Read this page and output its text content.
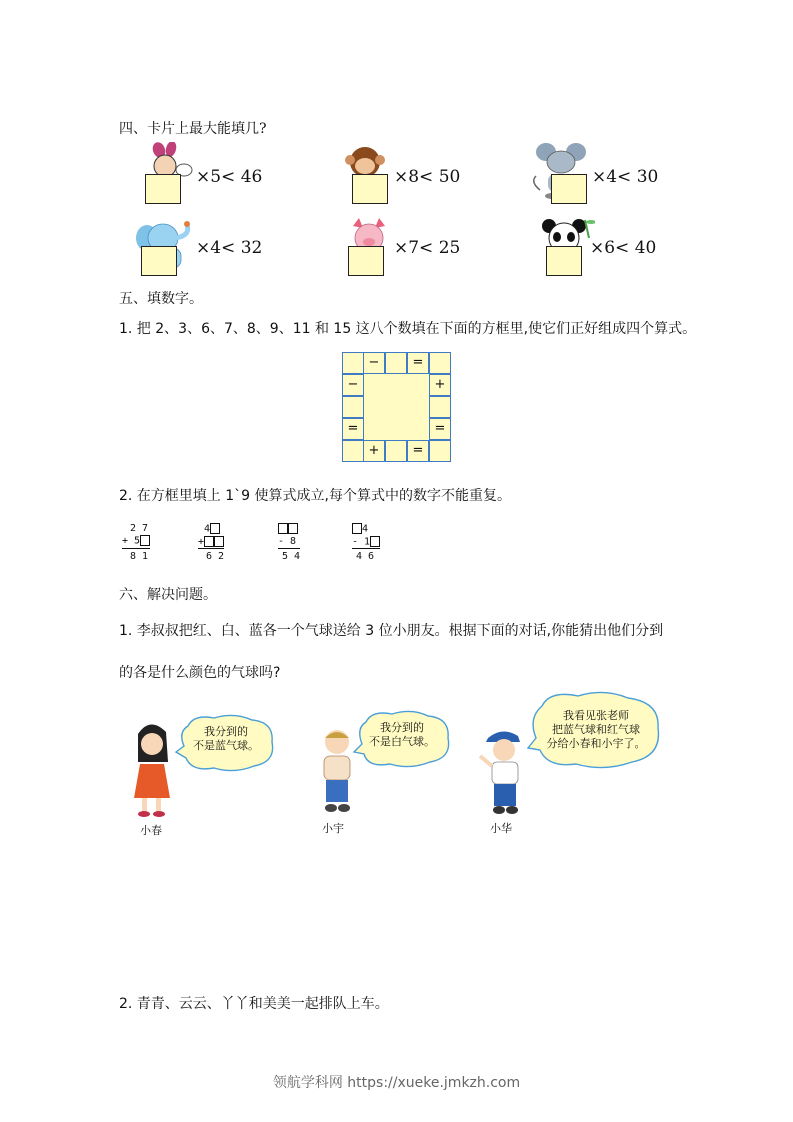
四、卡片上最大能填几?
×5< 46	×8< 50	×4< 30
×4< 32	×7< 25	×6< 40
五、填数字。
1. 把 2、3、6、7、8、9、11 和 15 这八个数填在下面的方框里,使它们正好组成四个算式。
−	=
−
=
+
=
+	=
2. 在方框里填上 1`9 使算式成立,每个算式中的数字不能重复。
2 7
+ 5
8 1
4
+
6 2
- 8
5 4
4
- 1
4 6
六、解决问题。
1. 李叔叔把红、白、蓝各一个气球送给 3 位小朋友。根据下面的对话,你能猜出他们分到
的各是什么颜色的气球吗?
我分到的
不是蓝气球。
小春
我分到的
不是白气球。
小宇
我看见张老师
把蓝气球和红气球
分给小春和小宇了。
小华
2. 青青、云云、丫丫和美美一起排队上车。
领航学科网 https://xueke.jmkzh.com
